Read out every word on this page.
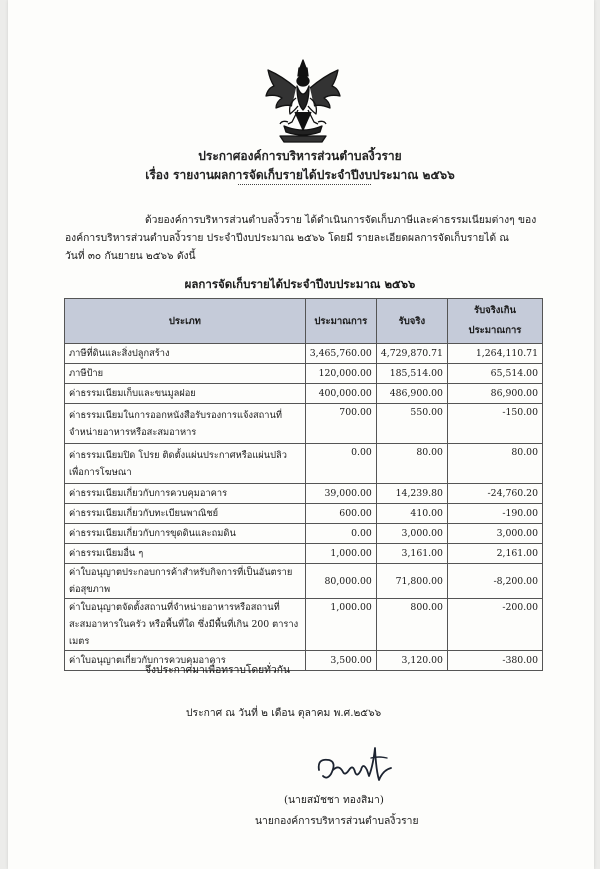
ประกาศองค์การบริหารส่วนตำบลงิ้วราย
เรื่อง รายงานผลการจัดเก็บรายได้ประจำปีงบประมาณ ๒๕๖๖
ด้วยองค์การบริหารส่วนตำบลงิ้วราย ได้ดำเนินการจัดเก็บภาษีและค่าธรรมเนียมต่างๆ ของ
องค์การบริหารส่วนตำบลงิ้วราย ประจำปีงบประมาณ ๒๕๖๖ โดยมี รายละเอียดผลการจัดเก็บรายได้ ณ
วันที่ ๓๐ กันยายน ๒๕๖๖ ดังนี้
ผลการจัดเก็บรายได้ประจำปีงบประมาณ ๒๕๖๖
ประเภท	ประมาณการ	รับจริง	รับจริงเกิน
ประมาณการ

ภาษีที่ดินและสิ่งปลูกสร้าง	3,465,760.00	4,729,870.71	1,264,110.71
ภาษีป้าย	120,000.00	185,514.00	65,514.00
ค่าธรรมเนียมเก็บและขนมูลฝอย	400,000.00	486,900.00	86,900.00
ค่าธรรมเนียมในการออกหนังสือรับรองการแจ้งสถานที่จำหน่ายอาหารหรือสะสมอาหาร	700.00	550.00	-150.00
ค่าธรรมเนียมปิด โปรย ติดตั้งแผ่นประกาศหรือแผ่นปลิว เพื่อการโฆษณา	0.00	80.00	80.00
ค่าธรรมเนียมเกี่ยวกับการควบคุมอาคาร	39,000.00	14,239.80	-24,760.20
ค่าธรรมเนียมเกี่ยวกับทะเบียนพาณิชย์	600.00	410.00	-190.00
ค่าธรรมเนียมเกี่ยวกับการขุดดินและถมดิน	0.00	3,000.00	3,000.00
ค่าธรรมเนียมอื่น ๆ	1,000.00	3,161.00	2,161.00
ค่าใบอนุญาตประกอบการค้าสำหรับกิจการที่เป็นอันตรายต่อสุขภาพ	80,000.00	71,800.00	-8,200.00
ค่าใบอนุญาตจัดตั้งสถานที่จำหน่ายอาหารหรือสถานที่สะสมอาหารในครัว หรือพื้นที่ใด ซึ่งมีพื้นที่เกิน 200 ตารางเมตร	1,000.00	800.00	-200.00
ค่าใบอนุญาตเกี่ยวกับการควบคุมอาคาร	3,500.00	3,120.00	-380.00
จึงประกาศมาเพื่อทราบโดยทั่วกัน
ประกาศ ณ วันที่ ๒ เดือน ตุลาคม พ.ศ.๒๕๖๖
(นายสมัชชา ทองสิมา)
นายกองค์การบริหารส่วนตำบลงิ้วราย
